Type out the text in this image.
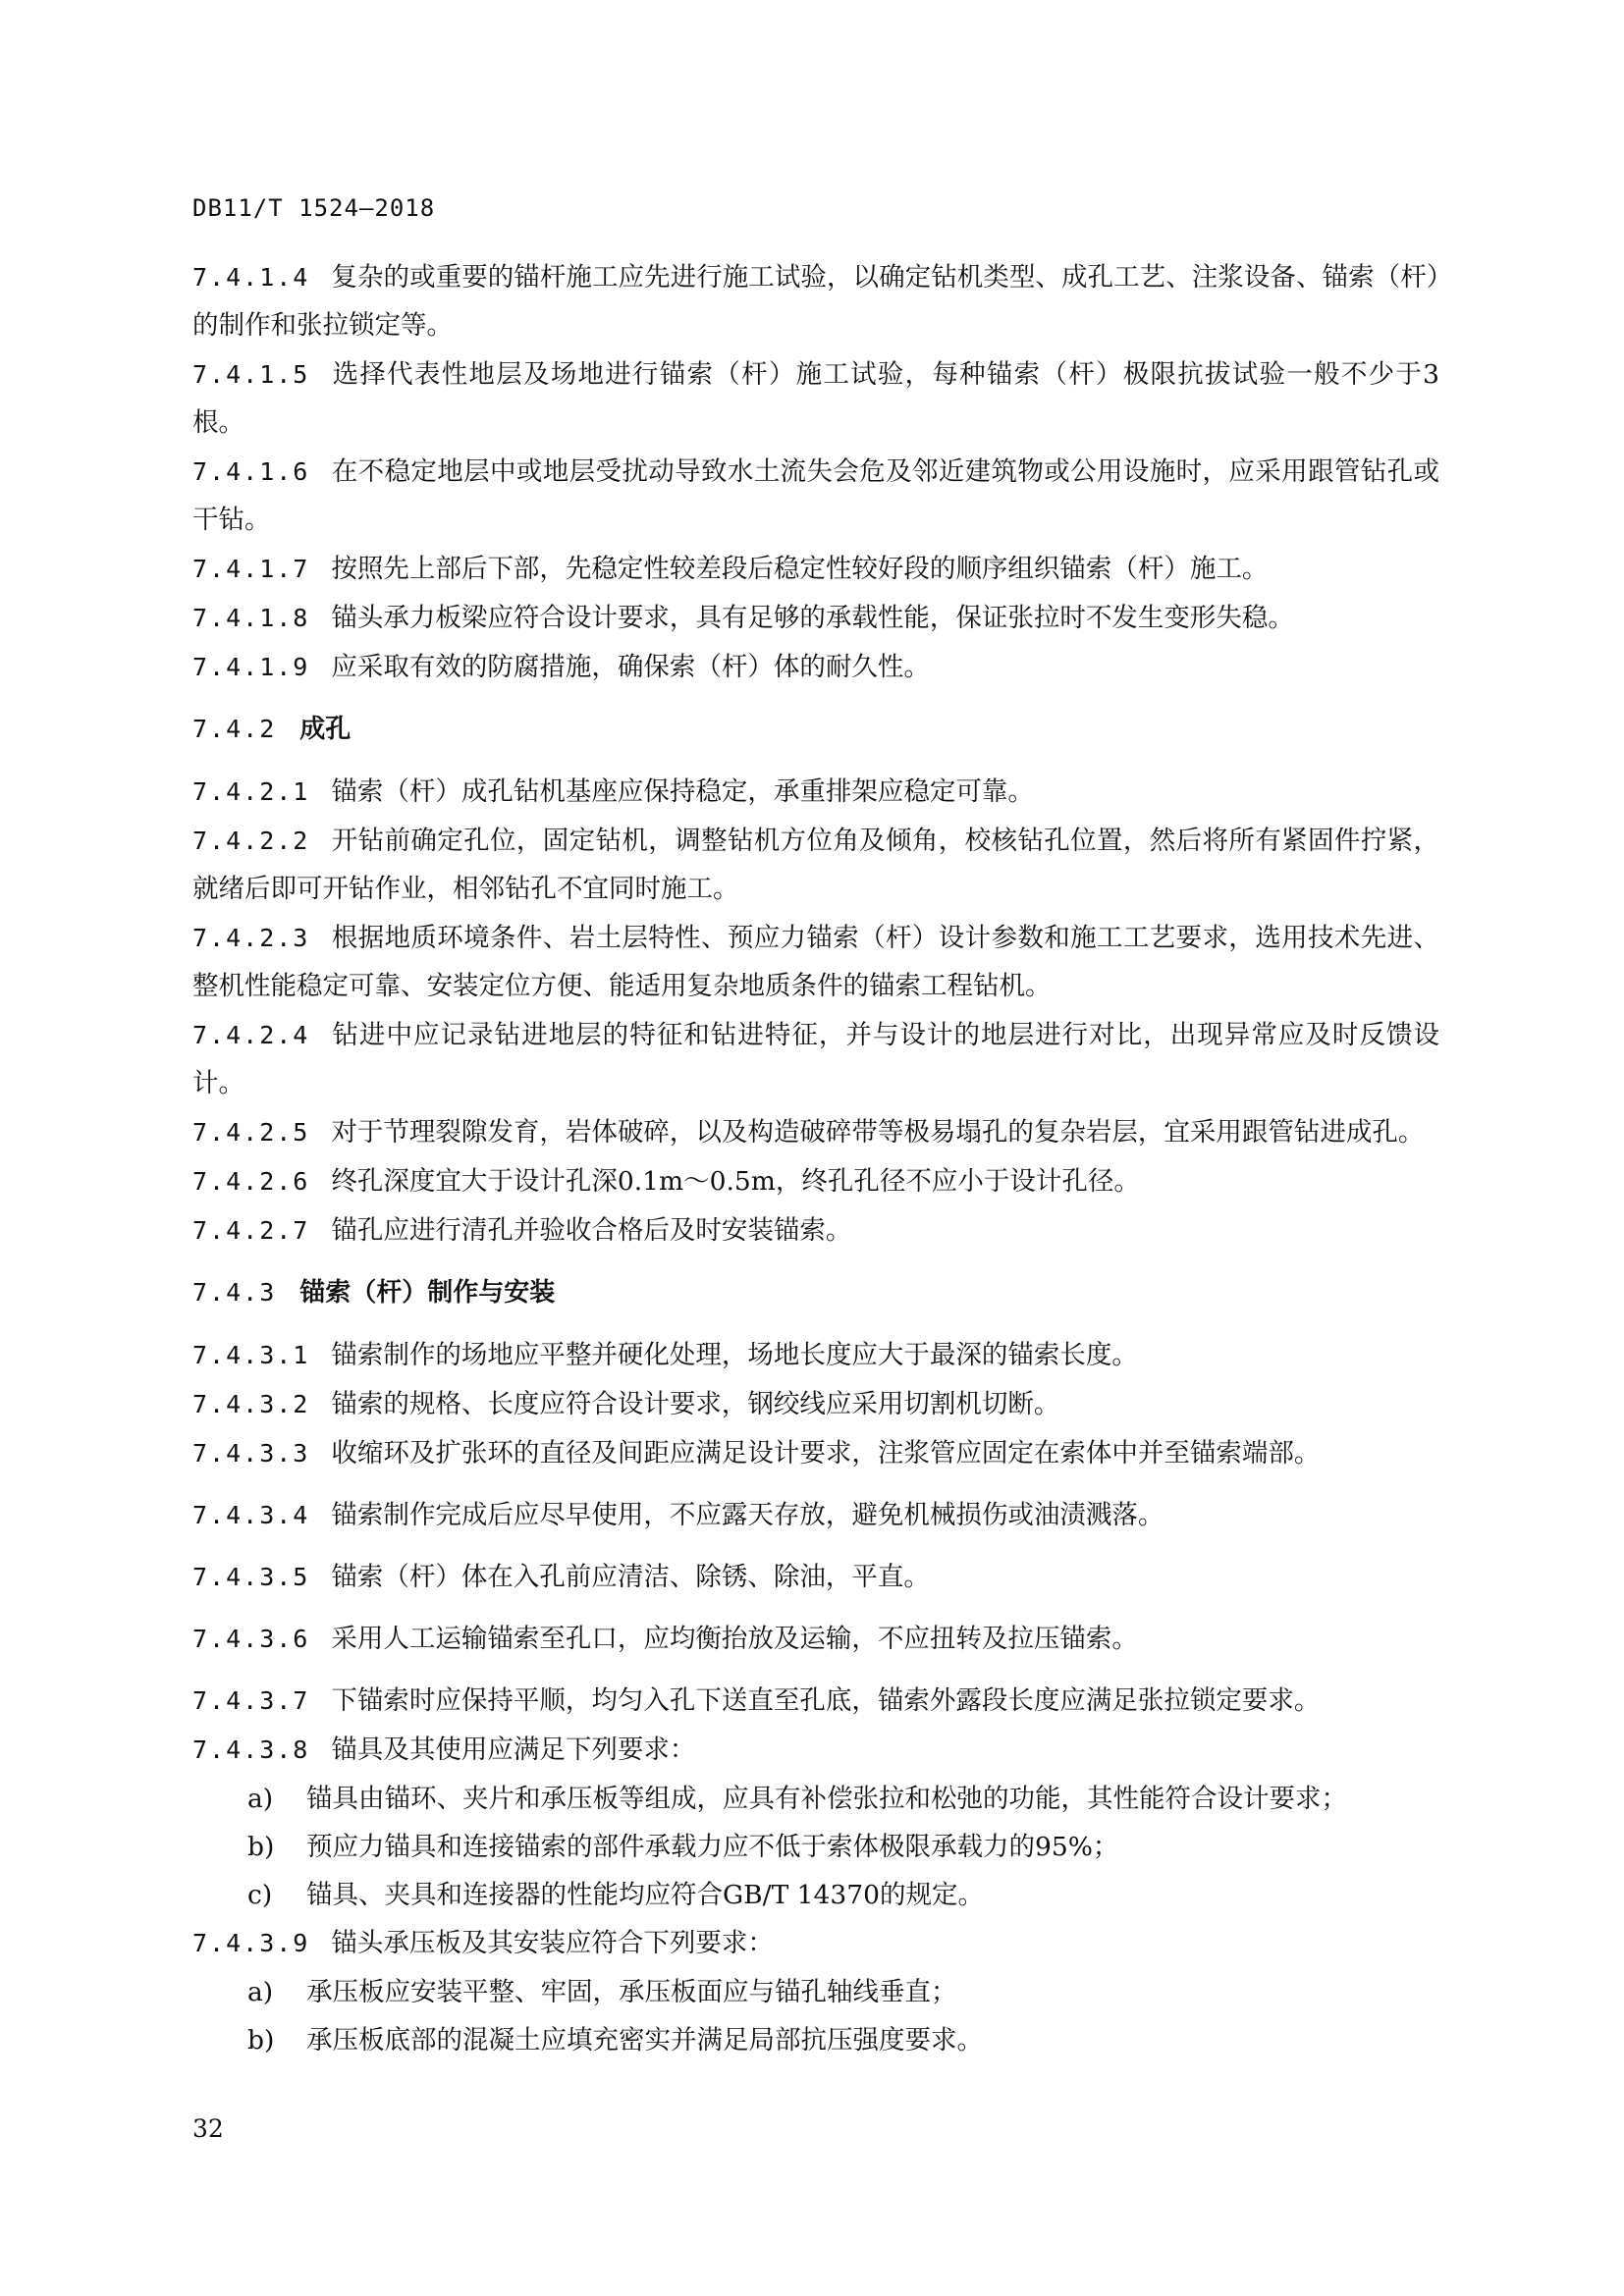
DB11/T 1524—2018
7.4.1.4 复杂的或重要的锚杆施工应先进行施工试验，以确定钻机类型、成孔工艺、注浆设备、锚索（杆）的制作和张拉锁定等。
7.4.1.5 选择代表性地层及场地进行锚索（杆）施工试验，每种锚索（杆）极限抗拔试验一般不少于3根。
7.4.1.6 在不稳定地层中或地层受扰动导致水土流失会危及邻近建筑物或公用设施时，应采用跟管钻孔或干钻。
7.4.1.7 按照先上部后下部，先稳定性较差段后稳定性较好段的顺序组织锚索（杆）施工。
7.4.1.8 锚头承力板梁应符合设计要求，具有足够的承载性能，保证张拉时不发生变形失稳。
7.4.1.9 应采取有效的防腐措施，确保索（杆）体的耐久性。
7.4.2 成孔
7.4.2.1 锚索（杆）成孔钻机基座应保持稳定，承重排架应稳定可靠。
7.4.2.2 开钻前确定孔位，固定钻机，调整钻机方位角及倾角，校核钻孔位置，然后将所有紧固件拧紧，就绪后即可开钻作业，相邻钻孔不宜同时施工。
7.4.2.3 根据地质环境条件、岩土层特性、预应力锚索（杆）设计参数和施工工艺要求，选用技术先进、整机性能稳定可靠、安装定位方便、能适用复杂地质条件的锚索工程钻机。
7.4.2.4 钻进中应记录钻进地层的特征和钻进特征，并与设计的地层进行对比，出现异常应及时反馈设计。
7.4.2.5 对于节理裂隙发育，岩体破碎，以及构造破碎带等极易塌孔的复杂岩层，宜采用跟管钻进成孔。
7.4.2.6 终孔深度宜大于设计孔深0.1m～0.5m，终孔孔径不应小于设计孔径。
7.4.2.7 锚孔应进行清孔并验收合格后及时安装锚索。
7.4.3 锚索（杆）制作与安装
7.4.3.1 锚索制作的场地应平整并硬化处理，场地长度应大于最深的锚索长度。
7.4.3.2 锚索的规格、长度应符合设计要求，钢绞线应采用切割机切断。
7.4.3.3 收缩环及扩张环的直径及间距应满足设计要求，注浆管应固定在索体中并至锚索端部。
7.4.3.4 锚索制作完成后应尽早使用，不应露天存放，避免机械损伤或油渍溅落。
7.4.3.5 锚索（杆）体在入孔前应清洁、除锈、除油，平直。
7.4.3.6 采用人工运输锚索至孔口，应均衡抬放及运输，不应扭转及拉压锚索。
7.4.3.7 下锚索时应保持平顺，均匀入孔下送直至孔底，锚索外露段长度应满足张拉锁定要求。
7.4.3.8 锚具及其使用应满足下列要求：
a) 锚具由锚环、夹片和承压板等组成，应具有补偿张拉和松弛的功能，其性能符合设计要求；
b) 预应力锚具和连接锚索的部件承载力应不低于索体极限承载力的95%；
c) 锚具、夹具和连接器的性能均应符合GB/T 14370的规定。
7.4.3.9 锚头承压板及其安装应符合下列要求：
a) 承压板应安装平整、牢固，承压板面应与锚孔轴线垂直；
b) 承压板底部的混凝土应填充密实并满足局部抗压强度要求。
32
